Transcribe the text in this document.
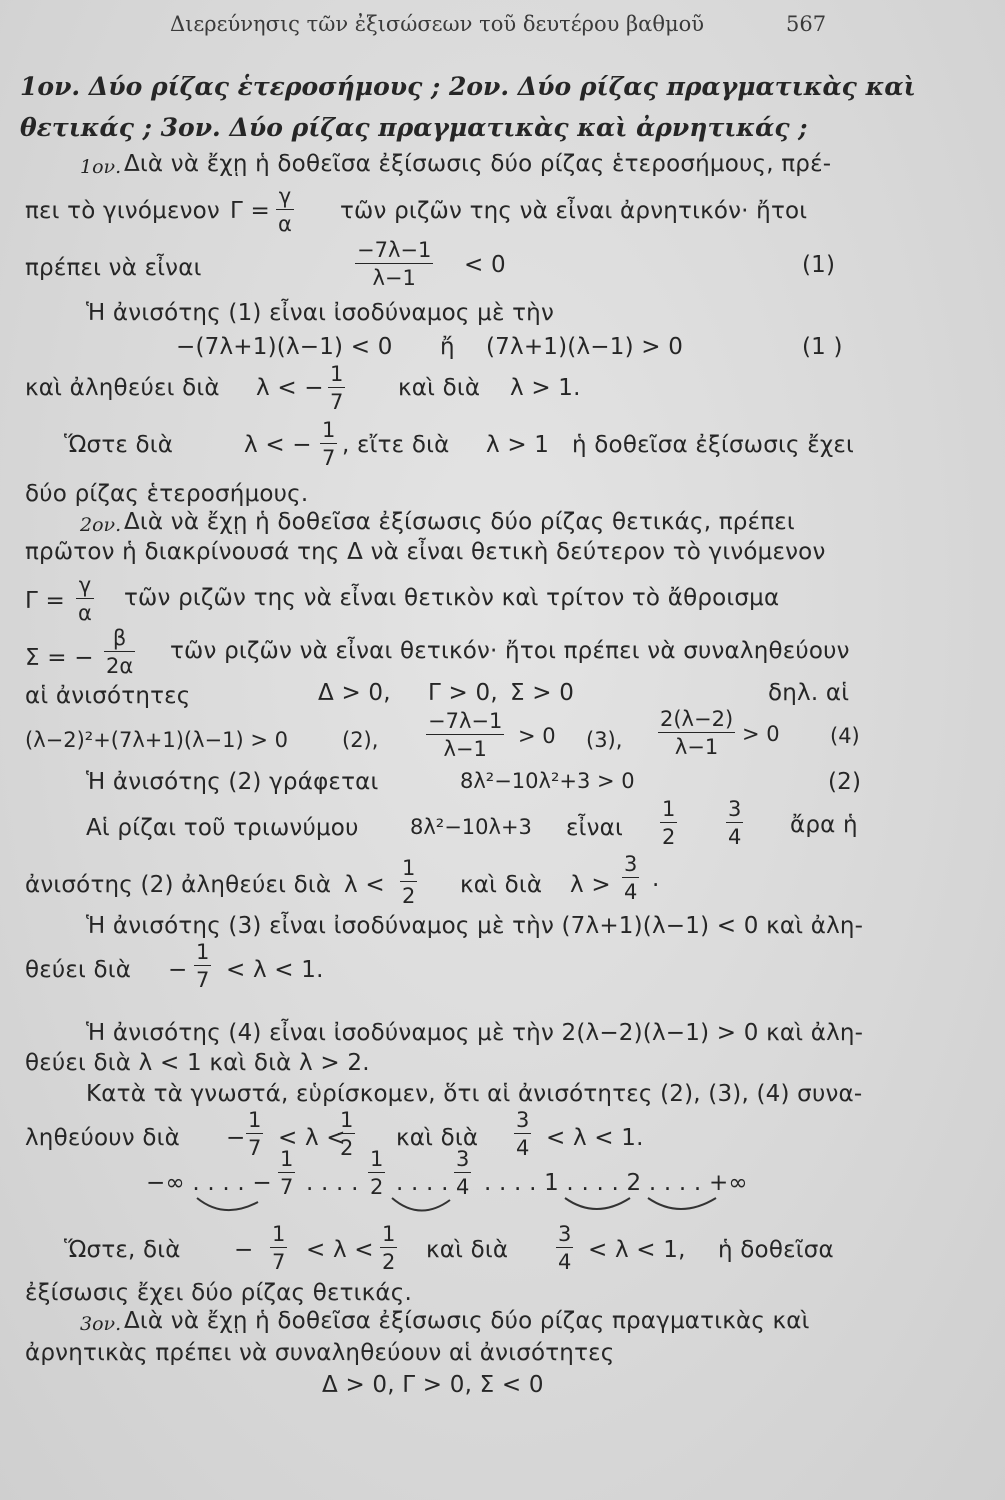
Διερεύνησις τῶν ἐξισώσεων τοῦ δευτέρου βαθμοῦ	567
1ον. Δύο ρίζας ἑτεροσήμους ; 2ον. Δύο ρίζας πραγματικὰς καὶ
θετικάς ; 3ον. Δύο ρίζας πραγματικὰς καὶ ἀρνητικάς ;
1ον. Διὰ νὰ ἔχῃ ἡ δοθεῖσα ἐξίσωσις δύο ρίζας ἑτεροσήμους, πρέ-
πει τὸ γινόμενον Γ =
γ
α τῶν ριζῶν της νὰ εἶναι ἀρνητικόν· ἤτοι
πρέπει νὰ εἶναι
−7λ−1
λ−1 < 0	(1)
Ἡ ἀνισότης (1) εἶναι ἰσοδύναμος μὲ τὴν
−(7λ+1)(λ−1) < 0 ἤ (7λ+1)(λ−1) > 0	(1 )
καὶ ἀληθεύει διὰ λ < −
1
7
καὶ διὰ λ > 1.
Ὥστε διὰ	λ < −
1
7 , εἴτε διὰ λ > 1 ἡ δοθεῖσα ἐξίσωσις ἔχει
δύο ρίζας ἑτεροσήμους.
2ον. Διὰ νὰ ἔχῃ ἡ δοθεῖσα ἐξίσωσις δύο ρίζας θετικάς, πρέπει
πρῶτον ἡ διακρίνουσά της Δ νὰ εἶναι θετικὴ δεύτερον τὸ γινόμενον
Γ =
γ
α
τῶν ριζῶν της νὰ εἶναι θετικὸν καὶ τρίτον τὸ ἄθροισμα
Σ = −
β
2α
τῶν ριζῶν νὰ εἶναι θετικόν· ἤτοι πρέπει νὰ συναληθεύουν
αἱ ἀνισότητες	Δ > 0, Γ > 0, Σ > 0	δηλ. αἱ
(λ−2)²+(7λ+1)(λ−1) > 0	(2),
−7λ−1
λ−1
> 0 (3),
2(λ−2)
λ−1
> 0 (4)
Ἡ ἀνισότης (2) γράφεται	8λ²−10λ²+3 > 0	(2)
Αἱ ρίζαι τοῦ τριωνύμου 8λ²−10λ+3 εἶναι
1
2
3
4 ἄρα ἡ
ἀνισότης (2) ἀληθεύει διὰ λ <
1
2 καὶ διὰ λ >
3
4 .
Ἡ ἀνισότης (3) εἶναι ἰσοδύναμος μὲ τὴν (7λ+1)(λ−1) < 0 καὶ ἀλη-
θεύει διὰ −
1
7 < λ < 1.
Ἡ ἀνισότης (4) εἶναι ἰσοδύναμος μὲ τὴν 2(λ−2)(λ−1) > 0 καὶ ἀλη-
θεύει διὰ λ < 1 καὶ διὰ λ > 2.
Κατὰ τὰ γνωστά, εὑρίσκομεν, ὅτι αἱ ἀνισότητες (2), (3), (4) συνα-
ληθεύουν διὰ −
1
7 < λ <
1
2 καὶ διὰ
3
4 < λ < 1.
−∞ . . . . −
1
7 . . . .
1
2 . . . .
3
4 . . . . 1 . . . . 2 . . . . +∞
Ὥστε, διὰ −
1
7 < λ <
1
2 καὶ διὰ
3
4 < λ < 1, ἡ δοθεῖσα
ἐξίσωσις ἔχει δύο ρίζας θετικάς.
3ον. Διὰ νὰ ἔχῃ ἡ δοθεῖσα ἐξίσωσις δύο ρίζας πραγματικὰς καὶ
ἀρνητικὰς πρέπει νὰ συναληθεύουν αἱ ἀνισότητες
Δ > 0, Γ > 0, Σ < 0
